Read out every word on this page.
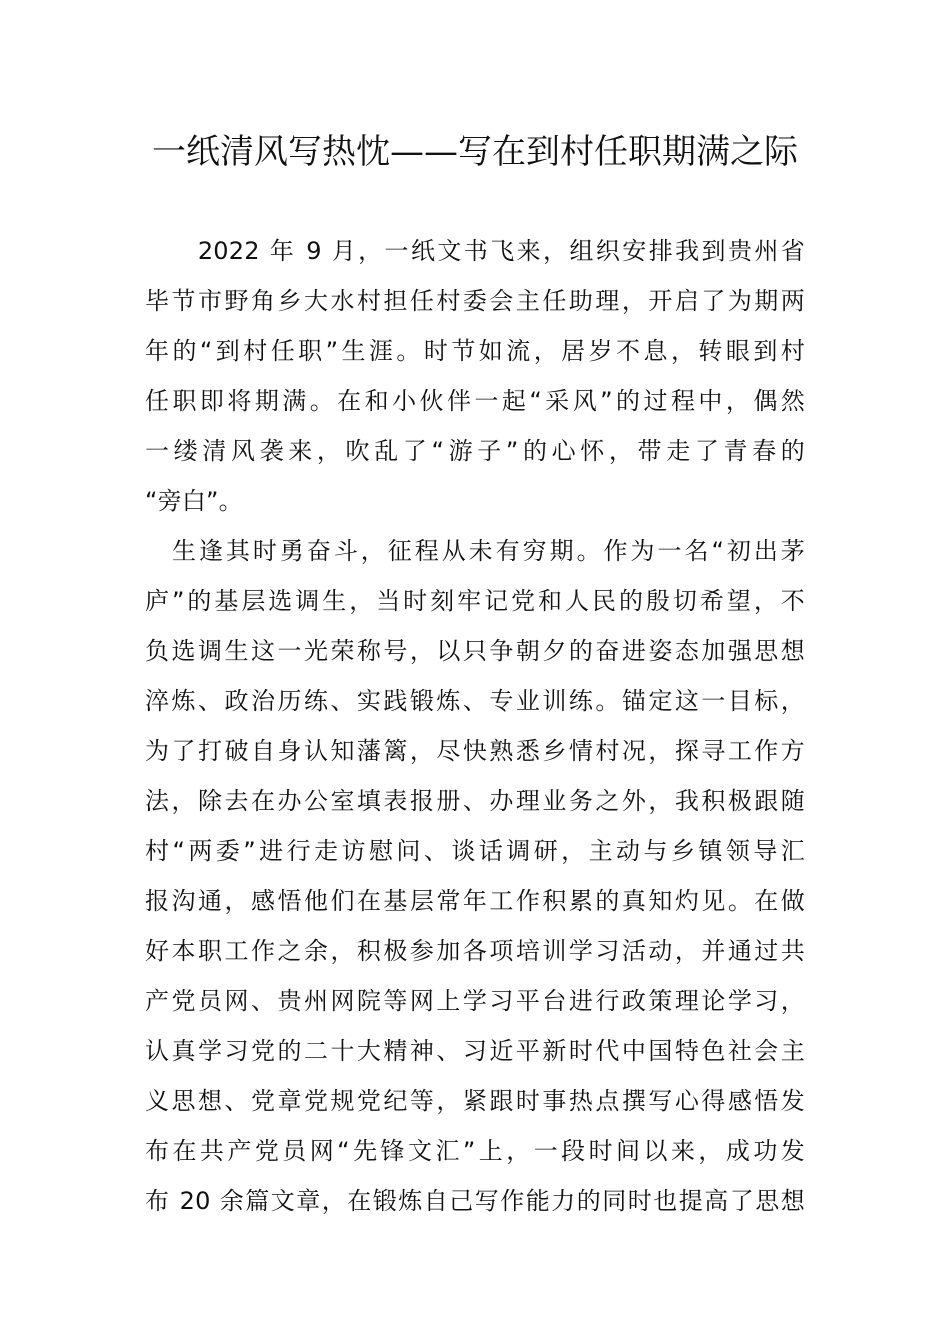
一纸清风写热忱——写在到村任职期满之际
　　2022 年 9 月，一纸文书飞来，组织安排我到贵州省
毕节市野角乡大水村担任村委会主任助理，开启了为期两
年的“到村任职”生涯。时节如流，居岁不息，转眼到村
任职即将期满。在和小伙伴一起“采风”的过程中，偶然
一缕清风袭来，吹乱了“游子”的心怀，带走了青春的
“旁白”。
　生逢其时勇奋斗，征程从未有穷期。作为一名“初出茅
庐”的基层选调生，当时刻牢记党和人民的殷切希望，不
负选调生这一光荣称号，以只争朝夕的奋进姿态加强思想
淬炼、政治历练、实践锻炼、专业训练。锚定这一目标，
为了打破自身认知藩篱，尽快熟悉乡情村况，探寻工作方
法，除去在办公室填表报册、办理业务之外，我积极跟随
村“两委”进行走访慰问、谈话调研，主动与乡镇领导汇
报沟通，感悟他们在基层常年工作积累的真知灼见。在做
好本职工作之余，积极参加各项培训学习活动，并通过共
产党员网、贵州网院等网上学习平台进行政策理论学习，
认真学习党的二十大精神、习近平新时代中国特色社会主
义思想、党章党规党纪等，紧跟时事热点撰写心得感悟发
布在共产党员网“先锋文汇”上，一段时间以来，成功发
布 20 余篇文章，在锻炼自己写作能力的同时也提高了思想
